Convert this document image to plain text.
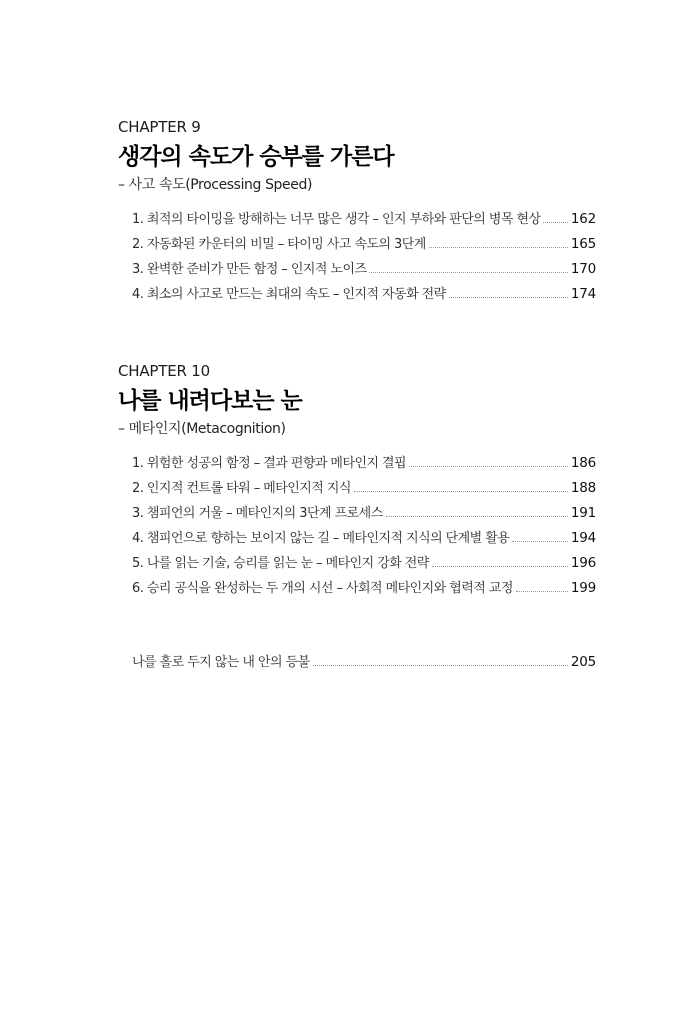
CHAPTER 9
생각의 속도가 승부를 가른다
– 사고 속도(Processing Speed)
1. 최적의 타이밍을 방해하는 너무 많은 생각 – 인지 부하와 판단의 병목 현상 162
2. 자동화된 카운터의 비밀 – 타이밍 사고 속도의 3단계	165
3. 완벽한 준비가 만든 함정 – 인지적 노이즈	170
4. 최소의 사고로 만드는 최대의 속도 – 인지적 자동화 전략	174
CHAPTER 10
나를 내려다보는 눈
– 메타인지(Metacognition)
1. 위험한 성공의 함정 – 결과 편향과 메타인지 결핍	186
2. 인지적 컨트롤 타워 – 메타인지적 지식	188
3. 챔피언의 거울 – 메타인지의 3단계 프로세스	191
4. 챔피언으로 향하는 보이지 않는 길 – 메타인지적 지식의 단계별 활용	194
5. 나를 읽는 기술, 승리를 읽는 눈 – 메타인지 강화 전략	196
6. 승리 공식을 완성하는 두 개의 시선 – 사회적 메타인지와 협력적 교정	199
나를 홀로 두지 않는 내 안의 등불	205
